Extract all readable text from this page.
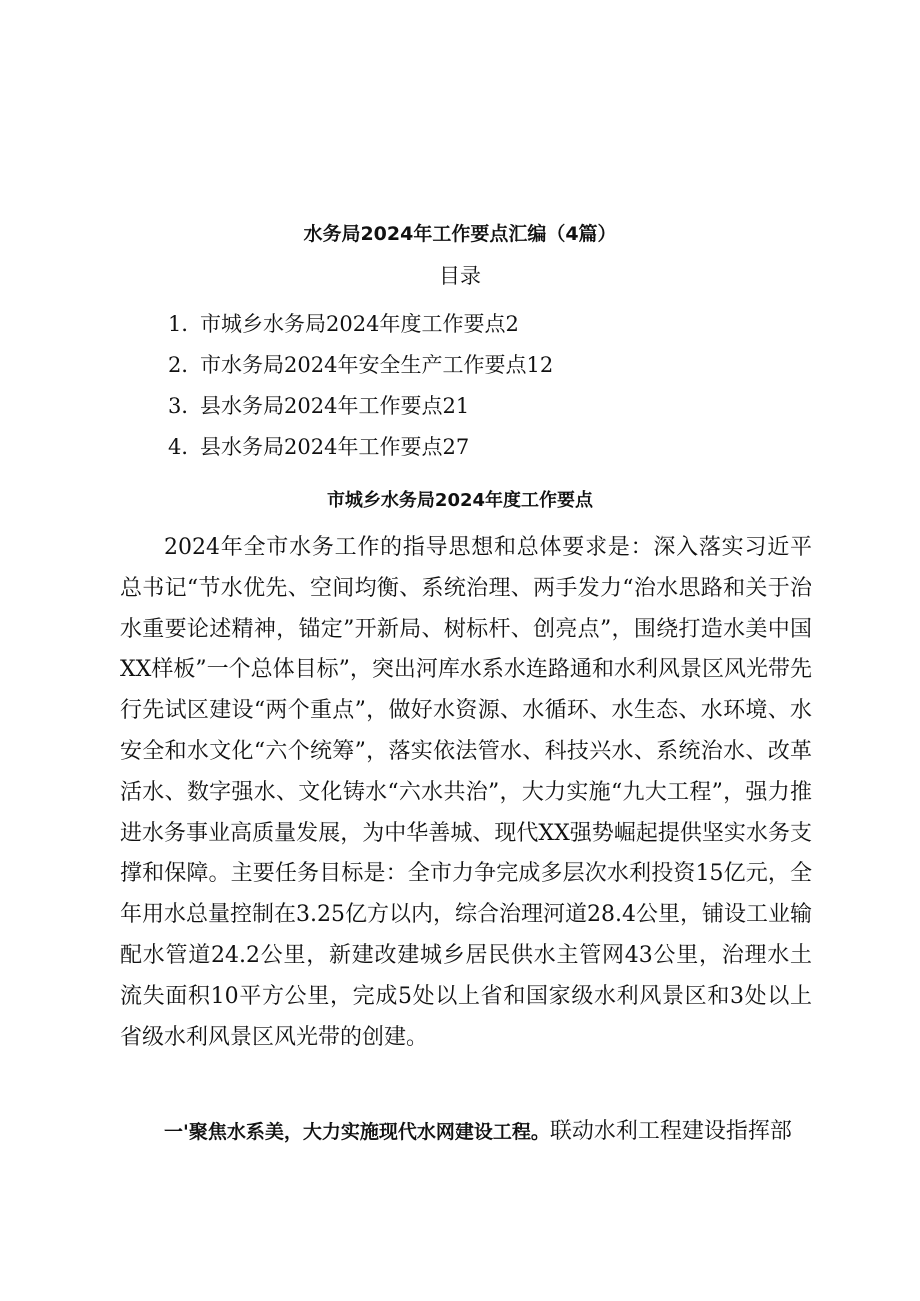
水务局2024年工作要点汇编（4篇）
目录
1．市城乡水务局2024年度工作要点2
2．市水务局2024年安全生产工作要点12
3．县水务局2024年工作要点21
4．县水务局2024年工作要点27
市城乡水务局2024年度工作要点

2024年全市水务工作的指导思想和总体要求是：深入落实习近平总书记“节水优先、空间均衡、系统治理、两手发力“治水思路和关于治水重要论述精神，锚定”开新局、树标杆、创亮点”，围绕打造水美中国XX样板”一个总体目标”，突出河库水系水连路通和水利风景区风光带先行先试区建设“两个重点”，做好水资源、水循环、水生态、水环境、水安全和水文化“六个统筹”，落实依法管水、科技兴水、系统治水、改革活水、数字强水、文化铸水“六水共治”，大力实施“九大工程”，强力推进水务事业高质量发展，为中华善城、现代XX强势崛起提供坚实水务支撑和保障。主要任务目标是：全市力争完成多层次水利投资15亿元，全年用水总量控制在3.25亿方以内，综合治理河道28.4公里，铺设工业输配水管道24.2公里，新建改建城乡居民供水主管网43公里，治理水土流失面积10平方公里，完成5处以上省和国家级水利风景区和3处以上省级水利风景区风光带的创建。

一'聚焦水系美，大力实施现代水网建设工程。联动水利工程建设指挥部
